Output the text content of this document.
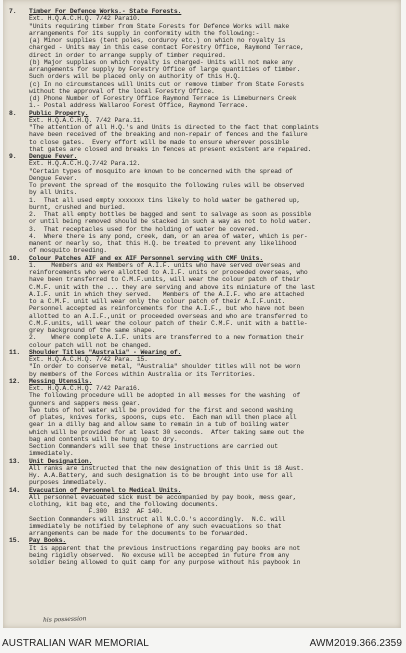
7.	Timber For Defence Works.- State Forests.
Ext. H.Q.A.C.H.Q. 7/42 Para10.
"Units requiring timber from State Forests for Defence Works will make
arrangements for its supply in conformity with the following:-
(a) Minor supplies (tent poles, corduroy etc.) on which no royalty is
charged - Units may in this case contact Forestry Office, Raymond Terrace,
direct in order to arrange supply of timber required.
(b) Major supplies on which royalty is charged- Units will not make any
arrangements for supply by Forestry Office of large quantities of timber.
Such orders will be placed only on authority of this H.Q.
(c) In no circumstances will Units cut or remove timber from State Forests
without the approval of the local Forestry Office.
(d) Phone Number of Forestry Office Raymond Terrace is Limeburners Creek
1.- Postal address Wallaroo Forest Office, Raymond Terrace.
8.	Public Property.
Ext. H.Q.A.C.H.Q. 7/42 Para.11.
"The attention of all H.Q.'s and Units is directed to the fact that complaints
have been received of the breaking and non-repair of fences and the failure
to close gates.  Every effort will be made to ensure wherever possible
that gates are closed and breaks in fences at present existent are repaired.
9.	Dengue Fever.
Ext. H.Q.A.C.H.Q.7/42 Para.12.
"Certain types of mosquito are known to be concerned with the spread of
Dengue Fever.
To prevent the spread of the mosquito the following rules will be observed
by all Units.
1.  That all used empty xxxxxxx tins likely to hold water be gathered up,
burnt, crushed and buried.
2.  That all empty bottles be bagged and sent to salvage as soon as possible
or until being removed should be stacked in such a way as not to hold water.
3.  That receptacles used for the holding of water be covered.
4.  Where there is any pond, creek, dam, or an area of water, which is per-
manent or nearly so, that this H.Q. be treated to prevent any likelihood
of mosquito breeding.
10.	Colour Patches AIF and ex AIF Personnel serving with CMF Units.
1.    Members and ex Members of A.I.F. units who have served overseas and
reinforcements who were allotted to A.I.F. units or proceeded overseas, who
have been transferred to C.M.F.units, will wear the colour patch of their
C.M.F. unit with the ... they are serving and above its miniature of the last
A.I.F. unit in which they served.   Members of the A.I.F. who are attached
to a C.M.F. unit will wear only the colour patch of their A.I.F.unit.
Personnel accepted as reinforcements for the A.I.F., but who have not been
allotted to an A.I.F.,unit or proceeded overseas and who are transferred to
C.M.F.units, will wear the colour patch of their C.M.F. unit with a battle-
grey background of the same shape.
2.    Where complete A.I.F. units are transferred to a new formation their
colour patch will not be changed.
11.	Shoulder Titles "Australia" - Wearing of.
Ext. H.Q.A.C.H.Q. 7/42 Para. 15.
"In order to conserve metal, "Australia" shoulder titles will not be worn
by members of the Forces within Australia or its Territories.
12.	Messing Utensils.
Ext. H.Q.A.C.H.Q. 7/42 Para16.
The following procedure will be adopted in all messes for the washing  of
gunners and sappers mess gear.
Two tubs of hot water will be provided for the first and second washing
of plates, knives forks, spoons, cups etc.  Each man will then place all
gear in a dilly bag and allow same to remain in a tub of boiling water
which will be provided for at least 30 seconds.  After taking same out the
bag and contents will be hung up to dry.
Section Commanders will see that these instructions are carried out
immediately.
13.	Unit Designation.
All ranks are instructed that the new designation of this Unit is 18 Aust.
Hy. A.A.Battery, and such designation is to be brought into use for all
purposes immediately.
14.	Evacuation of Personnel to Medical Units.
All personnel evacuated sick must be accompanied by pay book, mess gear,
clothing, kit bag etc, and the following documents.
F.300  B132  AF 140.
Section Commanders will instruct all N.C.O.'s accordingly.  N.C. will
immediately be notified by telephone of any such evacuations so that
arrangements can be made for the documents to be forwarded.
15.	Pay Books.
It is apparent that the previous instructions regarding pay books are not
being rigidly observed.  No excuse will be accepted in future from any
soldier being allowed to quit camp for any purpose without his paybook in
his possession
AUSTRALIAN WAR MEMORIAL	AWM2019.366.2359
